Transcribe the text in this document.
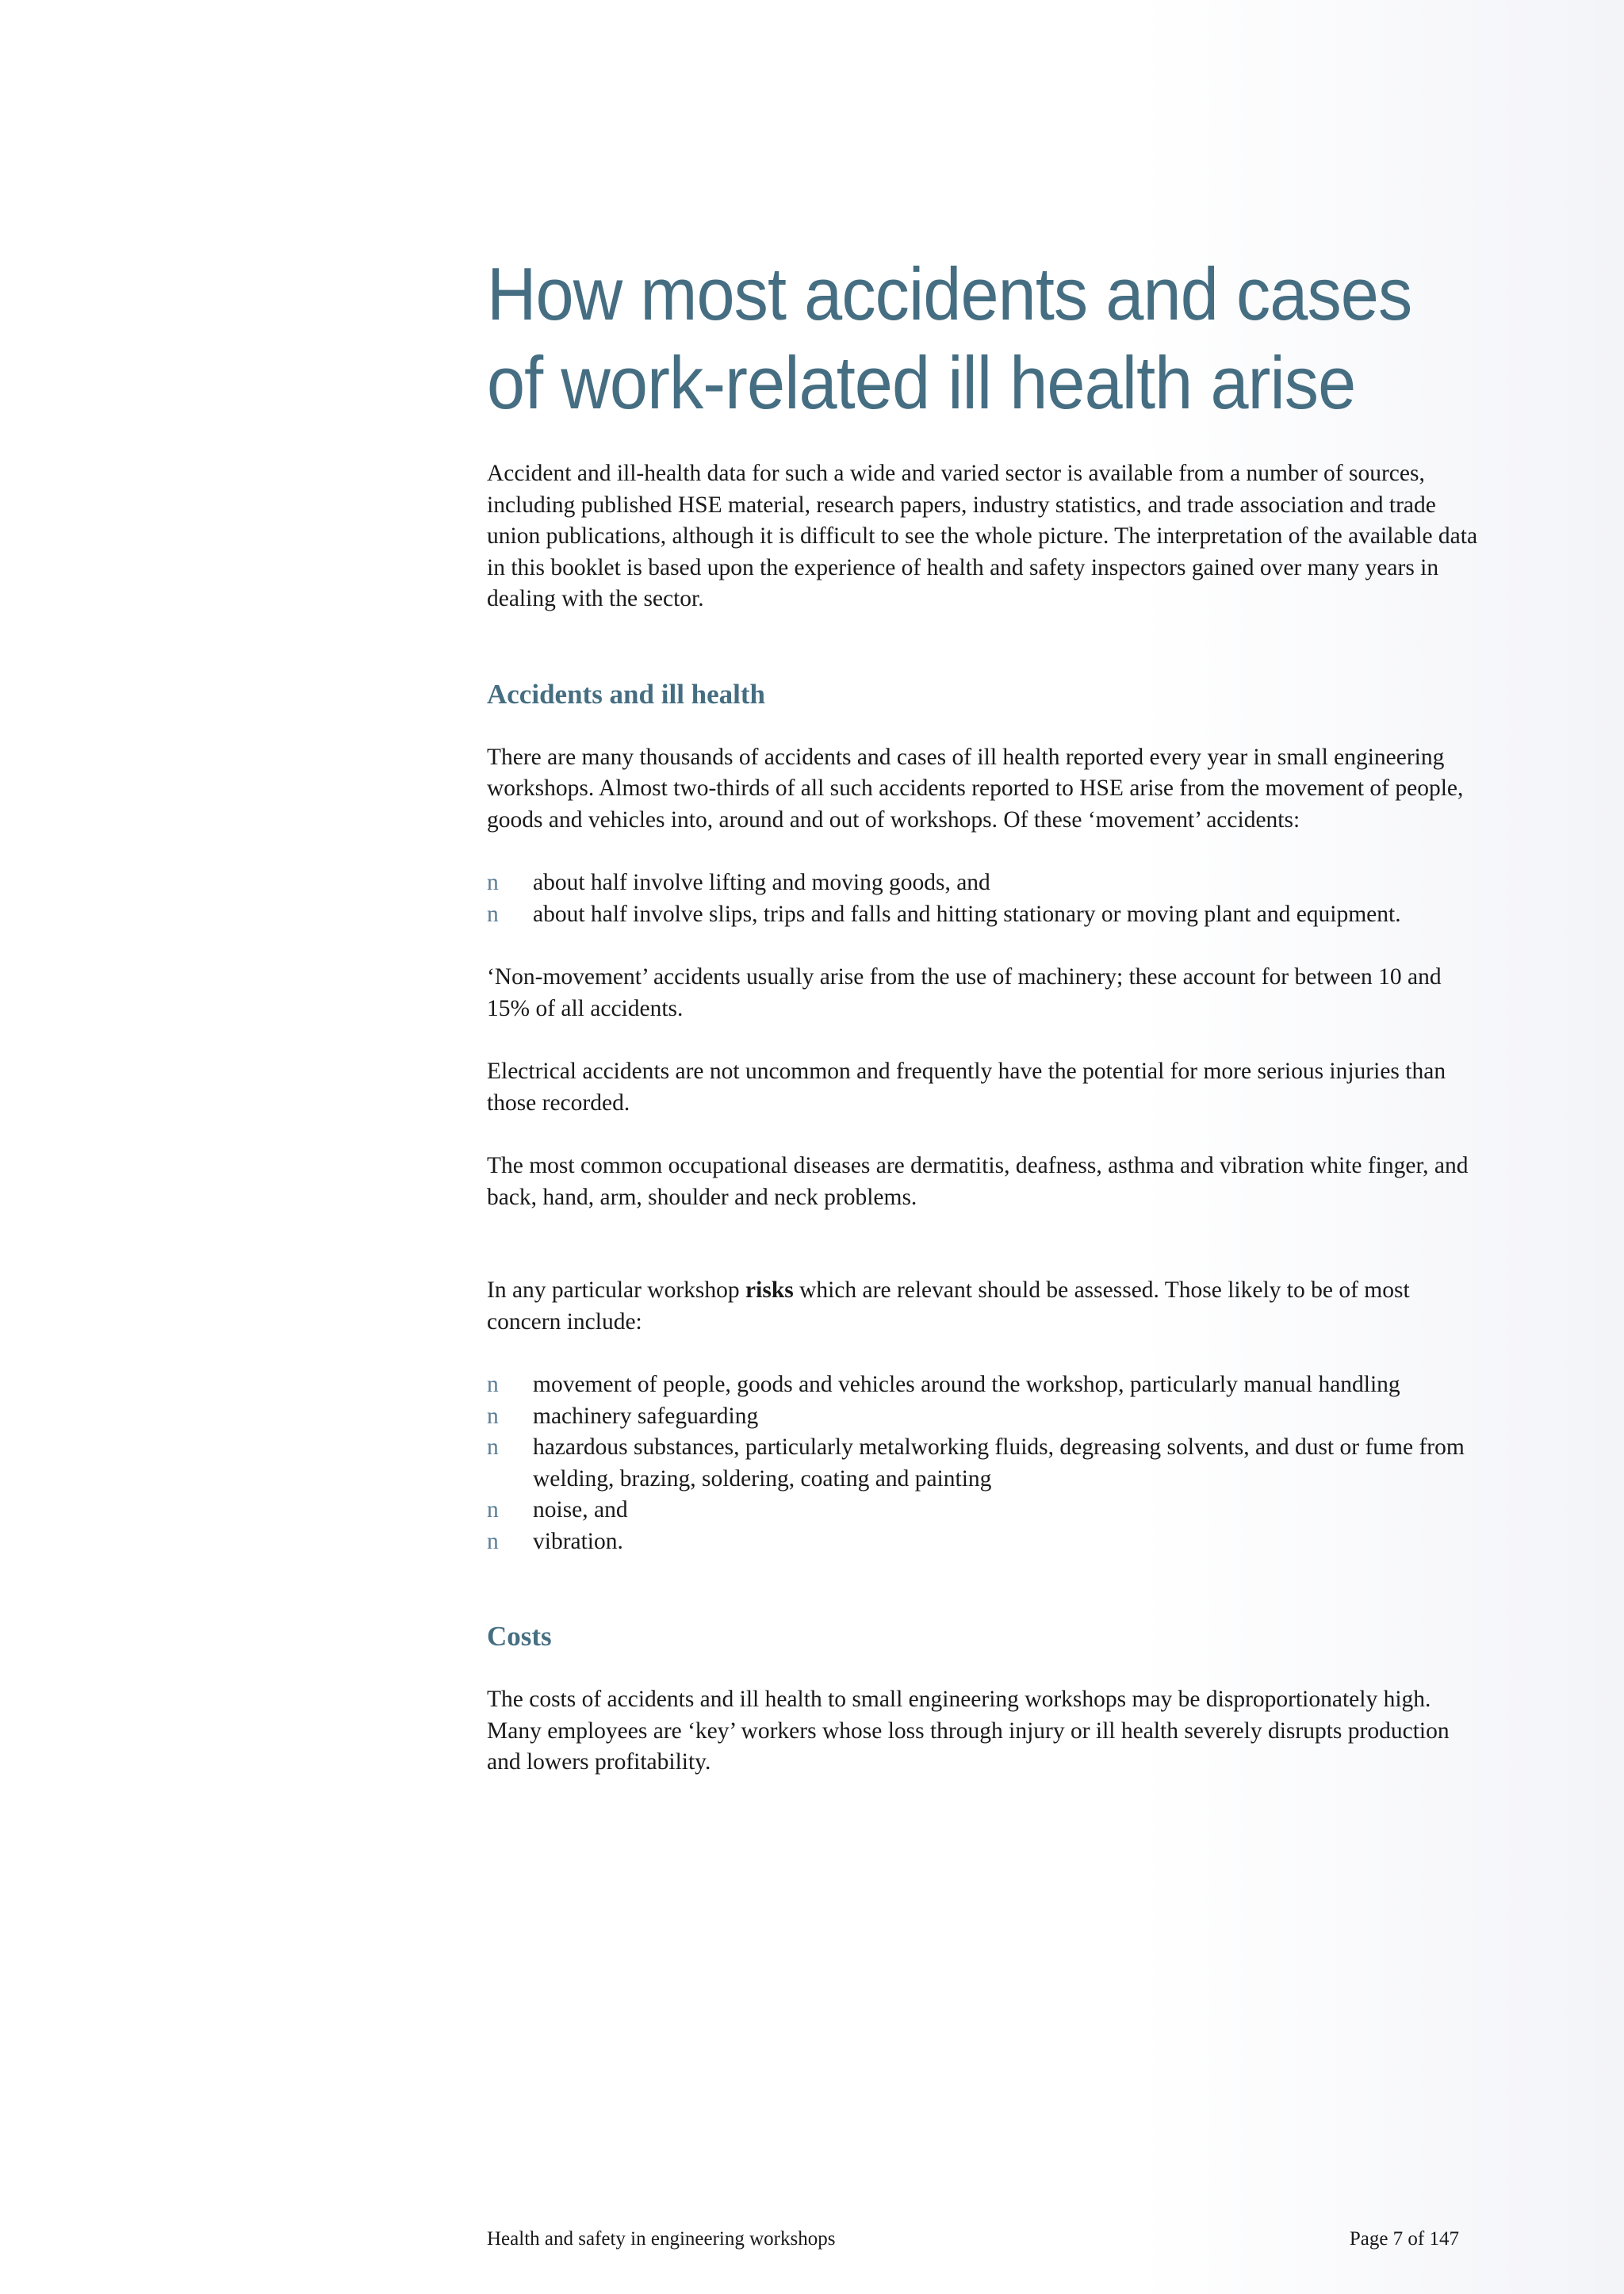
How most accidents and cases
of work-related ill health arise

Accident and ill-health data for such a wide and varied sector is available from a number of sources, including published HSE material, research papers, industry statistics, and trade association and trade union publications, although it is difficult to see the whole picture. The interpretation of the available data in this booklet is based upon the experience of health and safety inspectors gained over many years in dealing with the sector.

Accidents and ill health

There are many thousands of accidents and cases of ill health reported every year in small engineering workshops. Almost two-thirds of all such accidents reported to HSE arise from the movement of people, goods and vehicles into, around and out of workshops. Of these ‘movement’ accidents:

n about half involve lifting and moving goods, and
n about half involve slips, trips and falls and hitting stationary or moving plant and equipment.

‘Non-movement’ accidents usually arise from the use of machinery; these account for between 10 and 15% of all accidents.

Electrical accidents are not uncommon and frequently have the potential for more serious injuries than those recorded.

The most common occupational diseases are dermatitis, deafness, asthma and vibration white finger, and back, hand, arm, shoulder and neck problems.

In any particular workshop risks which are relevant should be assessed. Those likely to be of most concern include:

n movement of people, goods and vehicles around the workshop, particularly manual handling
n machinery safeguarding
n hazardous substances, particularly metalworking fluids, degreasing solvents, and dust or fume from welding, brazing, soldering, coating and painting
n noise, and
n vibration.
Costs

The costs of accidents and ill health to small engineering workshops may be disproportionately high. Many employees are ‘key’ workers whose loss through injury or ill health severely disrupts production and lowers profitability.

Health and safety in engineering workshops	Page 7 of 147
